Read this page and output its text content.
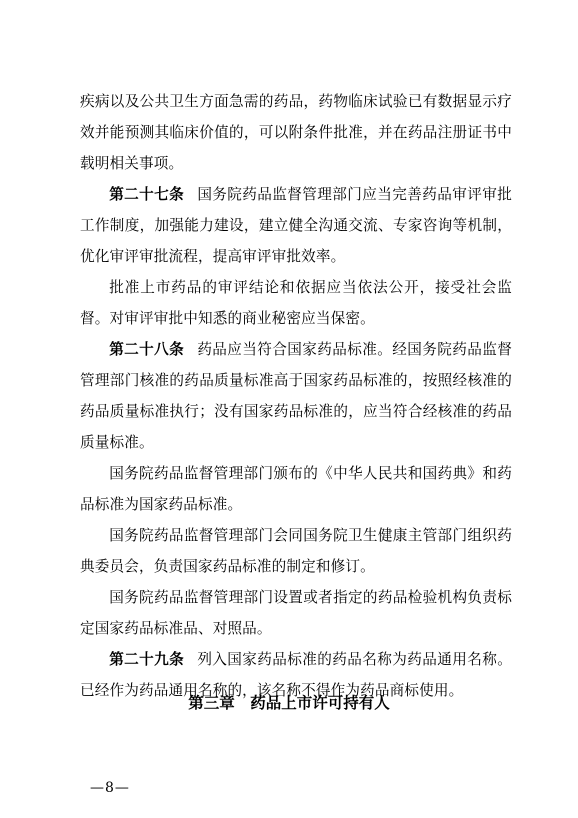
疾病以及公共卫生方面急需的药品，药物临床试验已有数据显示疗效并能预测其临床价值的，可以附条件批准，并在药品注册证书中载明相关事项。

第二十七条 国务院药品监督管理部门应当完善药品审评审批工作制度，加强能力建设，建立健全沟通交流、专家咨询等机制，优化审评审批流程，提高审评审批效率。

批准上市药品的审评结论和依据应当依法公开，接受社会监督。对审评审批中知悉的商业秘密应当保密。

第二十八条 药品应当符合国家药品标准。经国务院药品监督管理部门核准的药品质量标准高于国家药品标准的，按照经核准的药品质量标准执行；没有国家药品标准的，应当符合经核准的药品质量标准。

国务院药品监督管理部门颁布的《中华人民共和国药典》和药品标准为国家药品标准。

国务院药品监督管理部门会同国务院卫生健康主管部门组织药典委员会，负责国家药品标准的制定和修订。

国务院药品监督管理部门设置或者指定的药品检验机构负责标定国家药品标准品、对照品。

第二十九条 列入国家药品标准的药品名称为药品通用名称。已经作为药品通用名称的，该名称不得作为药品商标使用。

第三章　药品上市许可持有人
—8—
